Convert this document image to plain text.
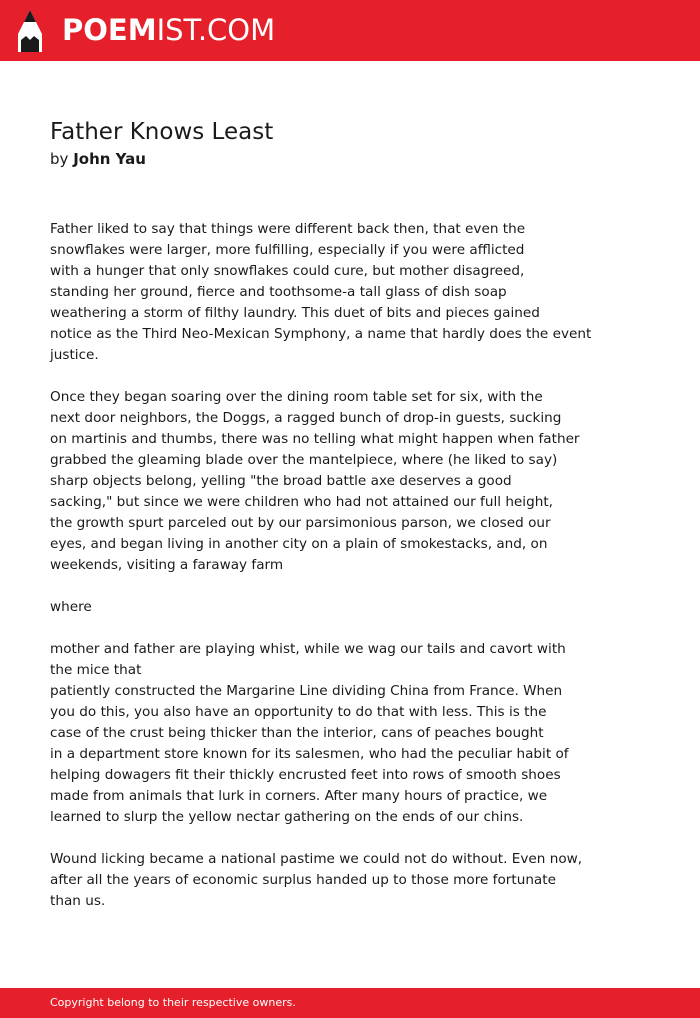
POEMIST.COM
Father Knows Least
by John Yau
Father liked to say that things were different back then, that even the
snowflakes were larger, more fulfilling, especially if you were afflicted
with a hunger that only snowflakes could cure, but mother disagreed,
standing her ground, fierce and toothsome-a tall glass of dish soap
weathering a storm of filthy laundry. This duet of bits and pieces gained
notice as the Third Neo-Mexican Symphony, a name that hardly does the event
justice.
Once they began soaring over the dining room table set for six, with the
next door neighbors, the Doggs, a ragged bunch of drop-in guests, sucking
on martinis and thumbs, there was no telling what might happen when father
grabbed the gleaming blade over the mantelpiece, where (he liked to say)
sharp objects belong, yelling "the broad battle axe deserves a good
sacking," but since we were children who had not attained our full height,
the growth spurt parceled out by our parsimonious parson, we closed our
eyes, and began living in another city on a plain of smokestacks, and, on
weekends, visiting a faraway farm
where
mother and father are playing whist, while we wag our tails and cavort with
the mice that
patiently constructed the Margarine Line dividing China from France. When
you do this, you also have an opportunity to do that with less. This is the
case of the crust being thicker than the interior, cans of peaches bought
in a department store known for its salesmen, who had the peculiar habit of
helping dowagers fit their thickly encrusted feet into rows of smooth shoes
made from animals that lurk in corners. After many hours of practice, we
learned to slurp the yellow nectar gathering on the ends of our chins.
Wound licking became a national pastime we could not do without. Even now,
after all the years of economic surplus handed up to those more fortunate
than us.
Copyright belong to their respective owners.
